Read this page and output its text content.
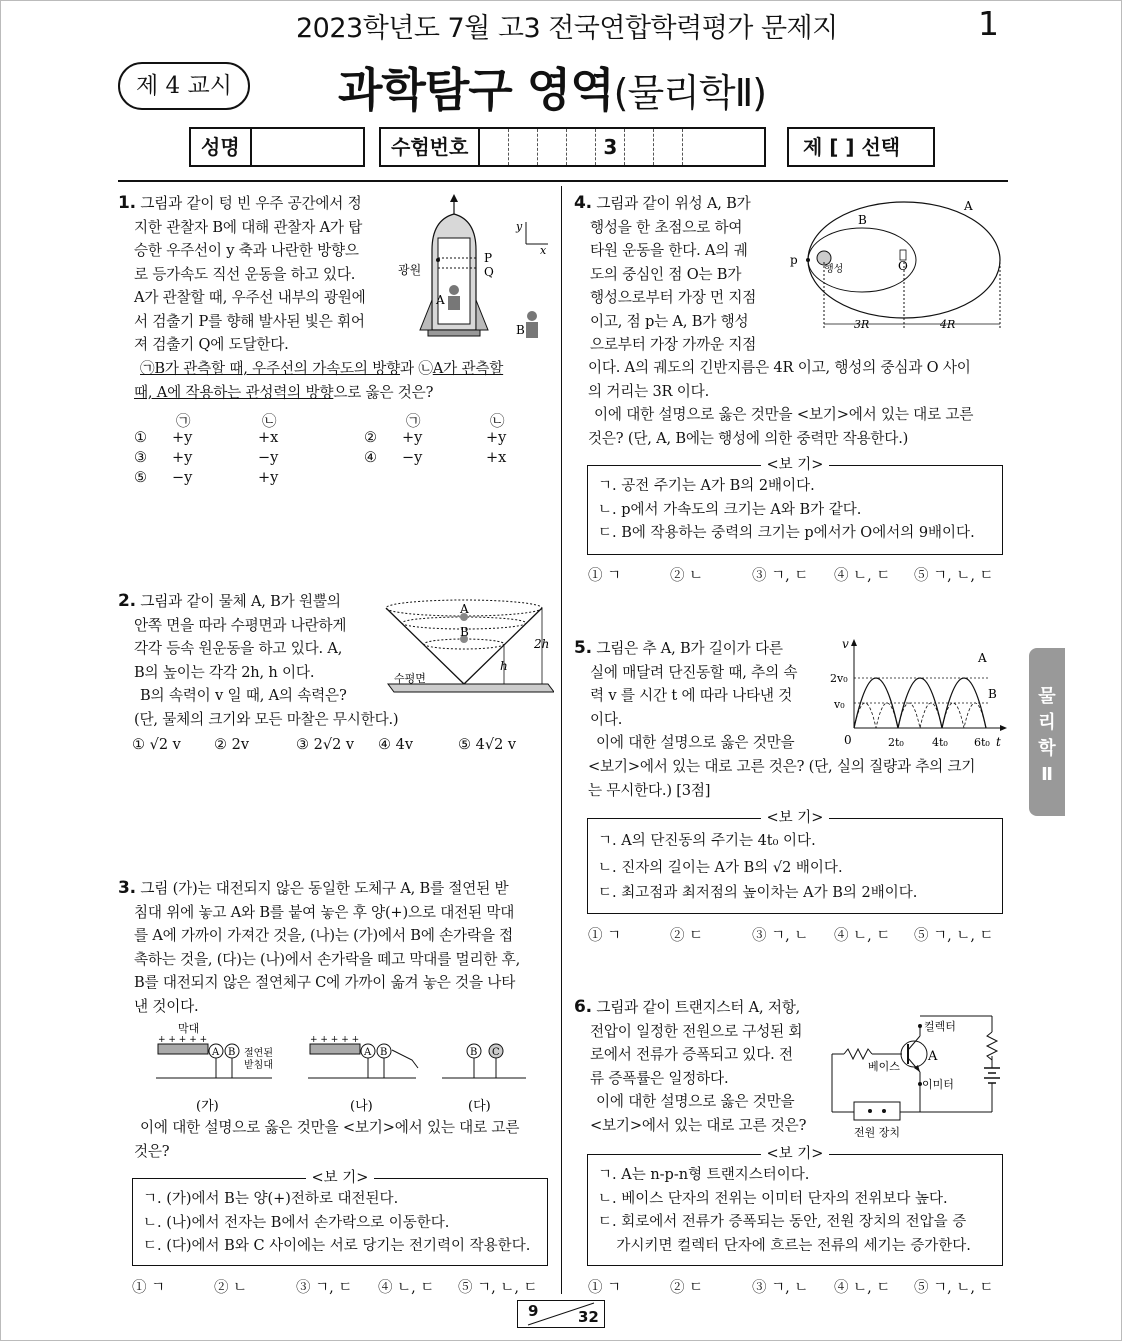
2023학년도 7월 고3 전국연합학력평가 문제지	1
제 4 교시	과학탐구 영역(물리학Ⅱ)
성명	수험번호	3	제 [ ] 선택
1. 그림과 같이 텅 빈 우주 공간에서 정
지한 관찰자 B에 대해 관찰자 A가 탑
승한 우주선이 y 축과 나란한 방향으
로 등가속도 직선 운동을 하고 있다.
A가 관찰할 때, 우주선 내부의 광원에
서 검출기 P를 향해 발사된 빛은 휘어
져 검출기 Q에 도달한다.
㉠B가 관측할 때, 우주선의 가속도의 방향과 ㉡A가 관측할
때, A에 작용하는 관성력의 방향으로 옳은 것은?
광원
P
Q
A
B
y
x
㉠	㉡	㉠	㉡
① +y	+x	② +y	+y
③ +y	−y	④ −y	+x
⑤ −y	+y
2. 그림과 같이 물체 A, B가 원뿔의
안쪽 면을 따라 수평면과 나란하게
각각 등속 원운동을 하고 있다. A,
B의 높이는 각각 2h, h 이다.
B의 속력이 v 일 때, A의 속력은?
(단, 물체의 크기와 모든 마찰은 무시한다.)
A
B
2h
h
수평면
① √2 v ② 2v	③ 2√2 v ④ 4v	⑤ 4√2 v
3. 그림 (가)는 대전되지 않은 동일한 도체구 A, B를 절연된 받
침대 위에 놓고 A와 B를 붙여 놓은 후 양(+)으로 대전된 막대
를 A에 가까이 가져간 것을, (나)는 (가)에서 B에 손가락을 접
촉하는 것을, (다)는 (나)에서 손가락을 떼고 막대를 멀리한 후,
B를 대전되지 않은 절연체구 C에 가까이 옮겨 놓은 것을 나타
낸 것이다.
막대
+ + + + +
A B 절연된
받침대
(가)
+ + + + +
A B
(나)
B C
(다)
이에 대한 설명으로 옳은 것만을 <보기>에서 있는 대로 고른
것은?
<보 기>
ㄱ. (가)에서 B는 양(+)전하로 대전된다.
ㄴ. (나)에서 전자는 B에서 손가락으로 이동한다.
ㄷ. (다)에서 B와 C 사이에는 서로 당기는 전기력이 작용한다.
① ㄱ	② ㄴ	③ ㄱ, ㄷ ④ ㄴ, ㄷ ⑤ ㄱ, ㄴ, ㄷ
4. 그림과 같이 위성 A, B가
행성을 한 초점으로 하여
타원 운동을 한다. A의 궤
도의 중심인 점 O는 B가
행성으로부터 가장 먼 지점
이고, 점 p는 A, B가 행성
으로부터 가장 가까운 지점
행성
p	O
B
A
3R	4R
이다. A의 궤도의 긴반지름은 4R 이고, 행성의 중심과 O 사이
의 거리는 3R 이다.
이에 대한 설명으로 옳은 것만을 <보기>에서 있는 대로 고른
것은? (단, A, B에는 행성에 의한 중력만 작용한다.)
<보 기>
ㄱ. 공전 주기는 A가 B의 2배이다.
ㄴ. p에서 가속도의 크기는 A와 B가 같다.
ㄷ. B에 작용하는 중력의 크기는 p에서가 O에서의 9배이다.
① ㄱ	② ㄴ	③ ㄱ, ㄷ ④ ㄴ, ㄷ ⑤ ㄱ, ㄴ, ㄷ
5. 그림은 추 A, B가 길이가 다른
실에 매달려 단진동할 때, 추의 속
력 v 를 시간 t 에 따라 나타낸 것
이다.
이에 대한 설명으로 옳은 것만을
v
t
0
2v₀
v₀
2t₀	4t₀ 6t₀
A
B
<보기>에서 있는 대로 고른 것은? (단, 실의 질량과 추의 크기
는 무시한다.) [3점]
<보 기>
ㄱ. A의 단진동의 주기는 4t₀ 이다.
ㄴ. 진자의 길이는 A가 B의 √2 배이다.
ㄷ. 최고점과 최저점의 높이차는 A가 B의 2배이다.
① ㄱ	② ㄷ	③ ㄱ, ㄴ ④ ㄴ, ㄷ ⑤ ㄱ, ㄴ, ㄷ
6. 그림과 같이 트랜지스터 A, 저항,
전압이 일정한 전원으로 구성된 회
로에서 전류가 증폭되고 있다. 전
류 증폭률은 일정하다.
이에 대한 설명으로 옳은 것만을
<보기>에서 있는 대로 고른 것은?
컬렉터
베이스
A
이미터
전원 장치
<보 기>
ㄱ. A는 n-p-n형 트랜지스터이다.
ㄴ. 베이스 단자의 전위는 이미터 단자의 전위보다 높다.
ㄷ. 회로에서 전류가 증폭되는 동안, 전원 장치의 전압을 증
가시키면 컬렉터 단자에 흐르는 전류의 세기는 증가한다.
① ㄱ	② ㄷ	③ ㄱ, ㄴ ④ ㄴ, ㄷ ⑤ ㄱ, ㄴ, ㄷ
물
리
학
Ⅱ
9	32
